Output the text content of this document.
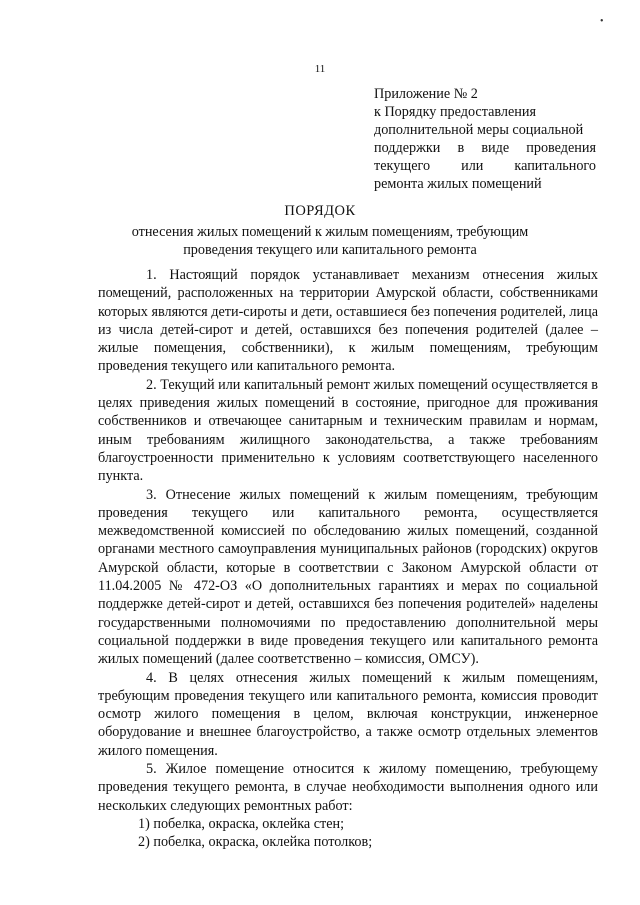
•
11
Приложение № 2
к Порядку предоставления
дополнительной меры социальной
поддержки в виде проведения
текущего или капитального
ремонта жилых помещений
ПОРЯДОК
отнесения жилых помещений к жилым помещениям, требующим
проведения текущего или капитального ремонта

1. Настоящий порядок устанавливает механизм отнесения жилых помещений, расположенных на территории Амурской области, собственниками которых являются дети-сироты и дети, оставшиеся без попечения родителей, лица из числа детей-сирот и детей, оставшихся без попечения родителей (далее – жилые помещения, собственники), к жилым помещениям, требующим проведения текущего или капитального ремонта.

2. Текущий или капитальный ремонт жилых помещений осуществляется в целях приведения жилых помещений в состояние, пригодное для проживания собственников и отвечающее санитарным и техническим правилам и нормам, иным требованиям жилищного законодательства, а также требованиям благоустроенности применительно к условиям соответствующего населенного пункта.

3. Отнесение жилых помещений к жилым помещениям, требующим проведения текущего или капитального ремонта, осуществляется межведомственной комиссией по обследованию жилых помещений, созданной органами местного самоуправления муниципальных районов (городских) округов Амурской области, которые в соответствии с Законом Амурской области от 11.04.2005 № 472-ОЗ «О дополнительных гарантиях и мерах по социальной поддержке детей-сирот и детей, оставшихся без попечения родителей» наделены государственными полномочиями по предоставлению дополнительной меры социальной поддержки в виде проведения текущего или капитального ремонта жилых помещений (далее соответственно – комиссия, ОМСУ).

4. В целях отнесения жилых помещений к жилым помещениям, требующим проведения текущего или капитального ремонта, комиссия проводит осмотр жилого помещения в целом, включая конструкции, инженерное оборудование и внешнее благоустройство, а также осмотр отдельных элементов жилого помещения.

5. Жилое помещение относится к жилому помещению, требующему проведения текущего ремонта, в случае необходимости выполнения одного или нескольких следующих ремонтных работ:

1) побелка, окраска, оклейка стен;

2) побелка, окраска, оклейка потолков;
